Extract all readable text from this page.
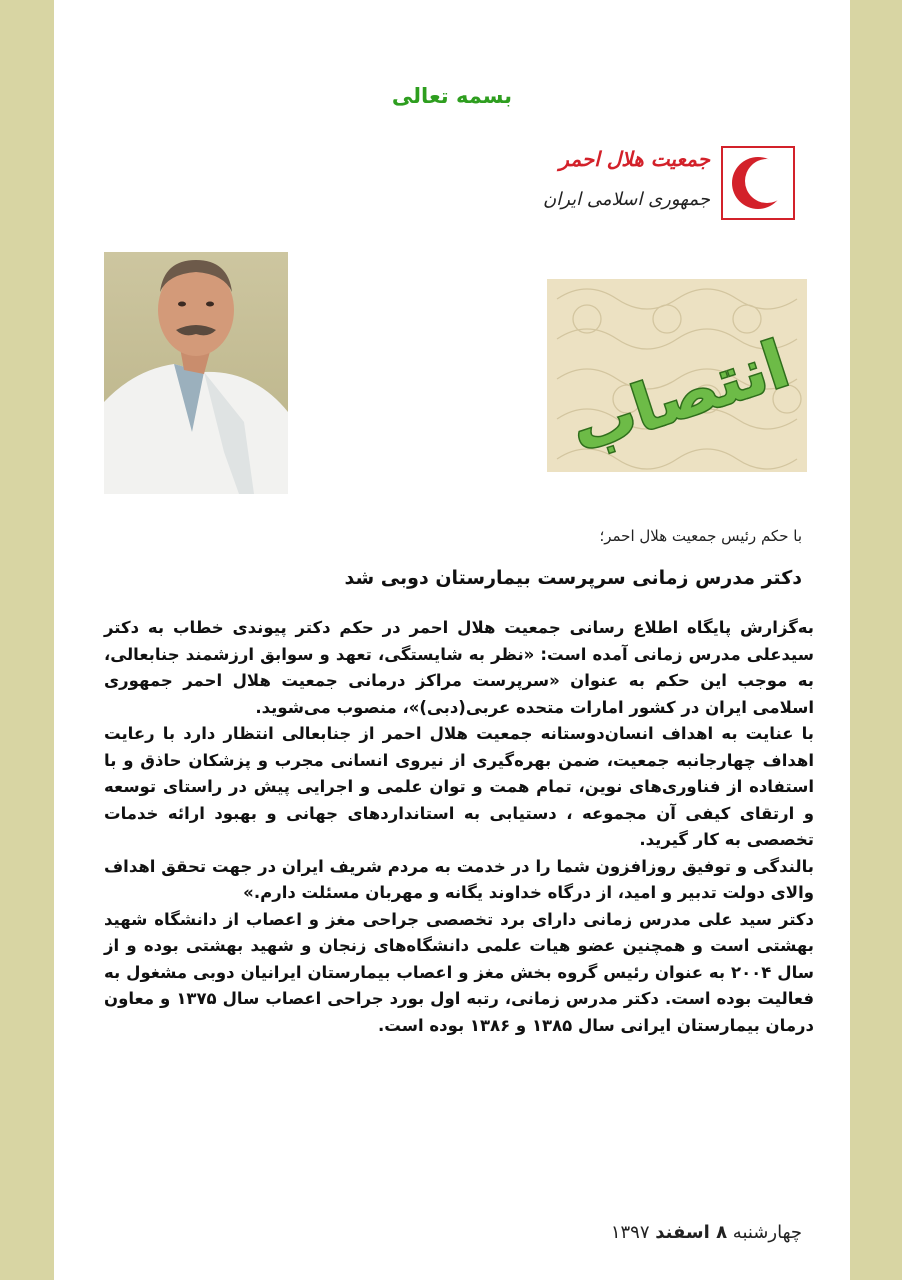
بسمه تعالی
جمعیت هلال احمر
جمهوری اسلامی ایران
انتصاب
با حکم رئیس جمعیت هلال احمر؛
دکتر مدرس زمانی سرپرست بیمارستان دوبی شد

به‌گزارش پایگاه اطلاع رسانی جمعیت هلال احمر در حکم دکتر پیوندی خطاب به دکتر سیدعلی مدرس زمانی آمده است: «نظر به شایستگی، تعهد و سوابق ارزشمند جنابعالی، به موجب این حکم به عنوان «سرپرست مراکز درمانی جمعیت هلال احمر جمهوری اسلامی ایران در کشور امارات متحده عربی(دبی)»، منصوب می‌شوید.

با عنایت به اهداف انسان‌دوستانه جمعیت هلال احمر از جنابعالی انتظار دارد با رعایت اهداف چهارجانبه جمعیت، ضمن بهره‌گیری از نیروی انسانی مجرب و پزشکان حاذق و با استفاده از فناوری‌های نوین، تمام همت و توان علمی و اجرایی پیش در راستای توسعه و ارتقای کیفی آن مجموعه ، دستیابی به استانداردهای جهانی و بهبود ارائه خدمات تخصصی به کار گیرید.

بالندگی و توفیق روزافزون شما را در خدمت به مردم شریف ایران در جهت تحقق اهداف والای دولت تدبیر و امید، از درگاه خداوند یگانه و مهربان مسئلت دارم.»

دکتر سید علی مدرس زمانی دارای برد تخصصی جراحی مغز و اعصاب از دانشگاه شهید بهشتی است و همچنین عضو هیات علمی دانشگاه‌های زنجان و شهید بهشتی بوده و از سال ۲۰۰۴ به عنوان رئیس گروه بخش مغز و اعصاب بیمارستان ایرانیان دوبی مشغول به فعالیت بوده است. دکتر مدرس زمانی، رتبه اول بورد جراحی اعصاب سال ۱۳۷۵ و معاون درمان بیمارستان ایرانی سال ۱۳۸۵ و ۱۳۸۶ بوده است.

چهارشنبه ۸ اسفند ۱۳۹۷
